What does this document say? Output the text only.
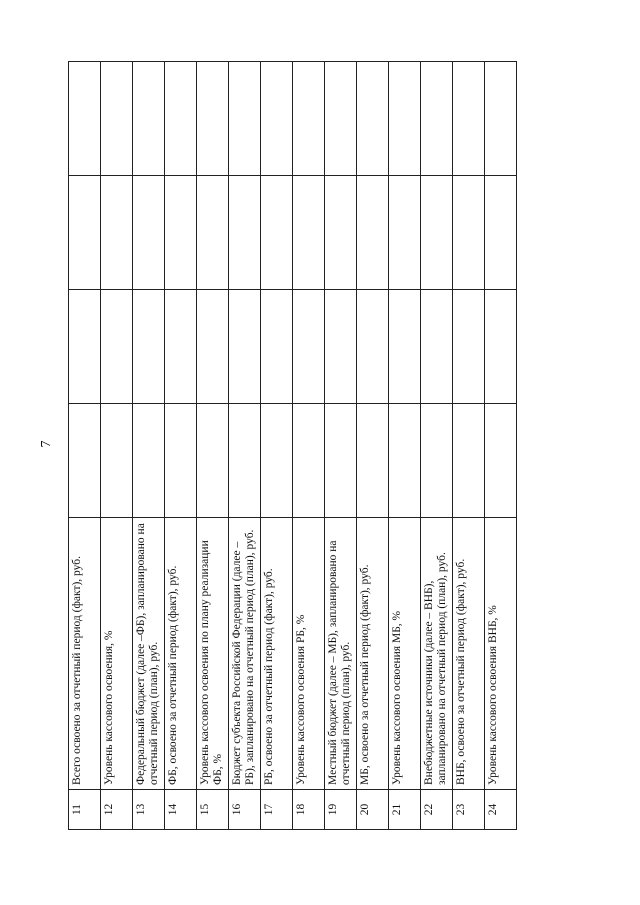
7
11	Всего освоено за отчетный период (факт), руб.				
12	Уровень кассового освоения, %				
13	Федеральный бюджет (далее –ФБ), запланировано на отчетный период (план), руб.				
14	ФБ, освоено за отчетный период (факт), руб.				
15	Уровень кассового освоения по плану реализации ФБ, %				
16	Бюджет субъекта Российской Федерации (далее – РБ), запланировано на отчетный период (план), руб.				
17	РБ, освоено за отчетный период (факт), руб.				
18	Уровень кассового освоения РБ, %				
19	Местный бюджет (далее – МБ), запланировано на отчетный период (план), руб.				
20	МБ, освоено за отчетный период (факт), руб.				
21	Уровень кассового освоения МБ, %				
22	Внебюджетные источники (далее – ВНБ), запланировано на отчетный период (план), руб.				
23	ВНБ, освоено за отчетный период (факт), руб.				
24	Уровень кассового освоения ВНБ, %				
